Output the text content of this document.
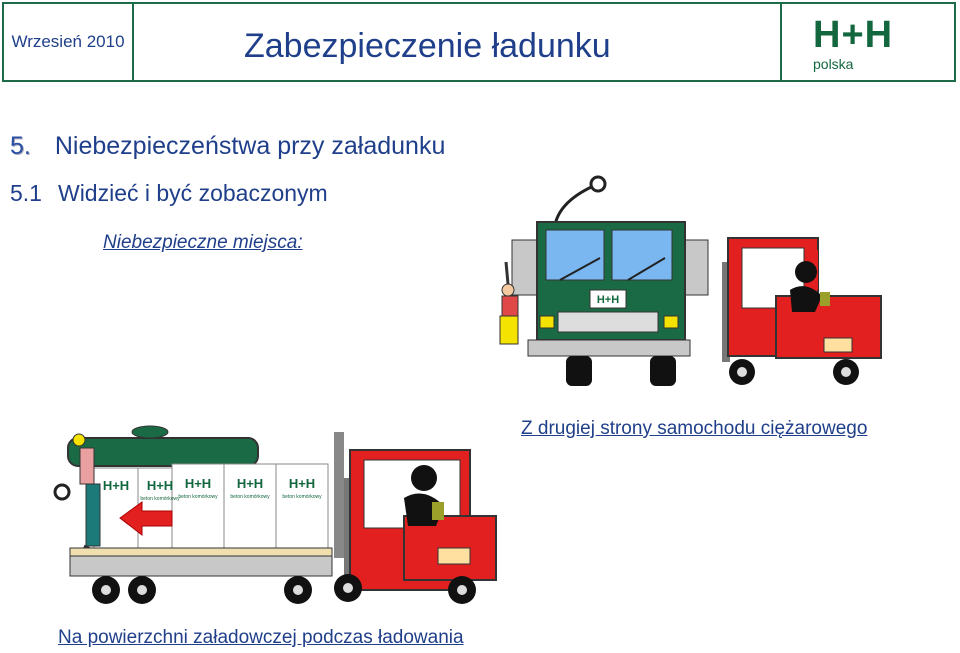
Wrzesień 2010	Zabezpieczenie ładunku	H+H
polska
5. Niebezpieczeństwa przy załadunku
5.1 Widzieć i być zobaczonym
Niebezpieczne miejsca:
H+H
Z drugiej strony samochodu ciężarowego
H+H H+H H+H H+H H+H
beton komórkowy
beton komórkowy	beton komórkowy	beton komórkowy
Na powierzchni załadowczej podczas ładowania
